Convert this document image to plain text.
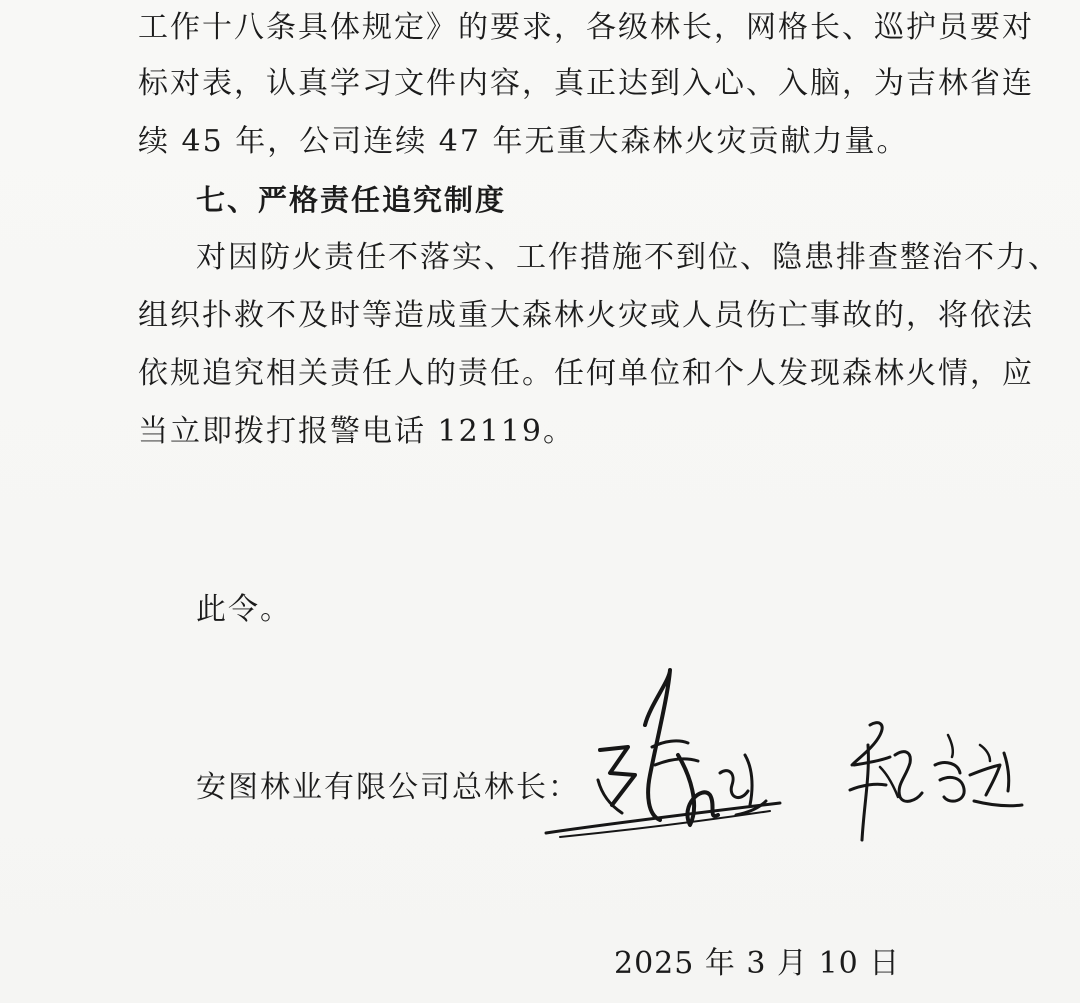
工作十八条具体规定》的要求，各级林长，网格长、巡护员要对
标对表，认真学习文件内容，真正达到入心、入脑，为吉林省连
续 45 年，公司连续 47 年无重大森林火灾贡献力量。
七、严格责任追究制度
对因防火责任不落实、工作措施不到位、隐患排查整治不力、
组织扑救不及时等造成重大森林火灾或人员伤亡事故的，将依法
依规追究相关责任人的责任。任何单位和个人发现森林火情，应
当立即拨打报警电话 12119。
此令。
安图林业有限公司总林长：
2025 年 3 月 10 日
